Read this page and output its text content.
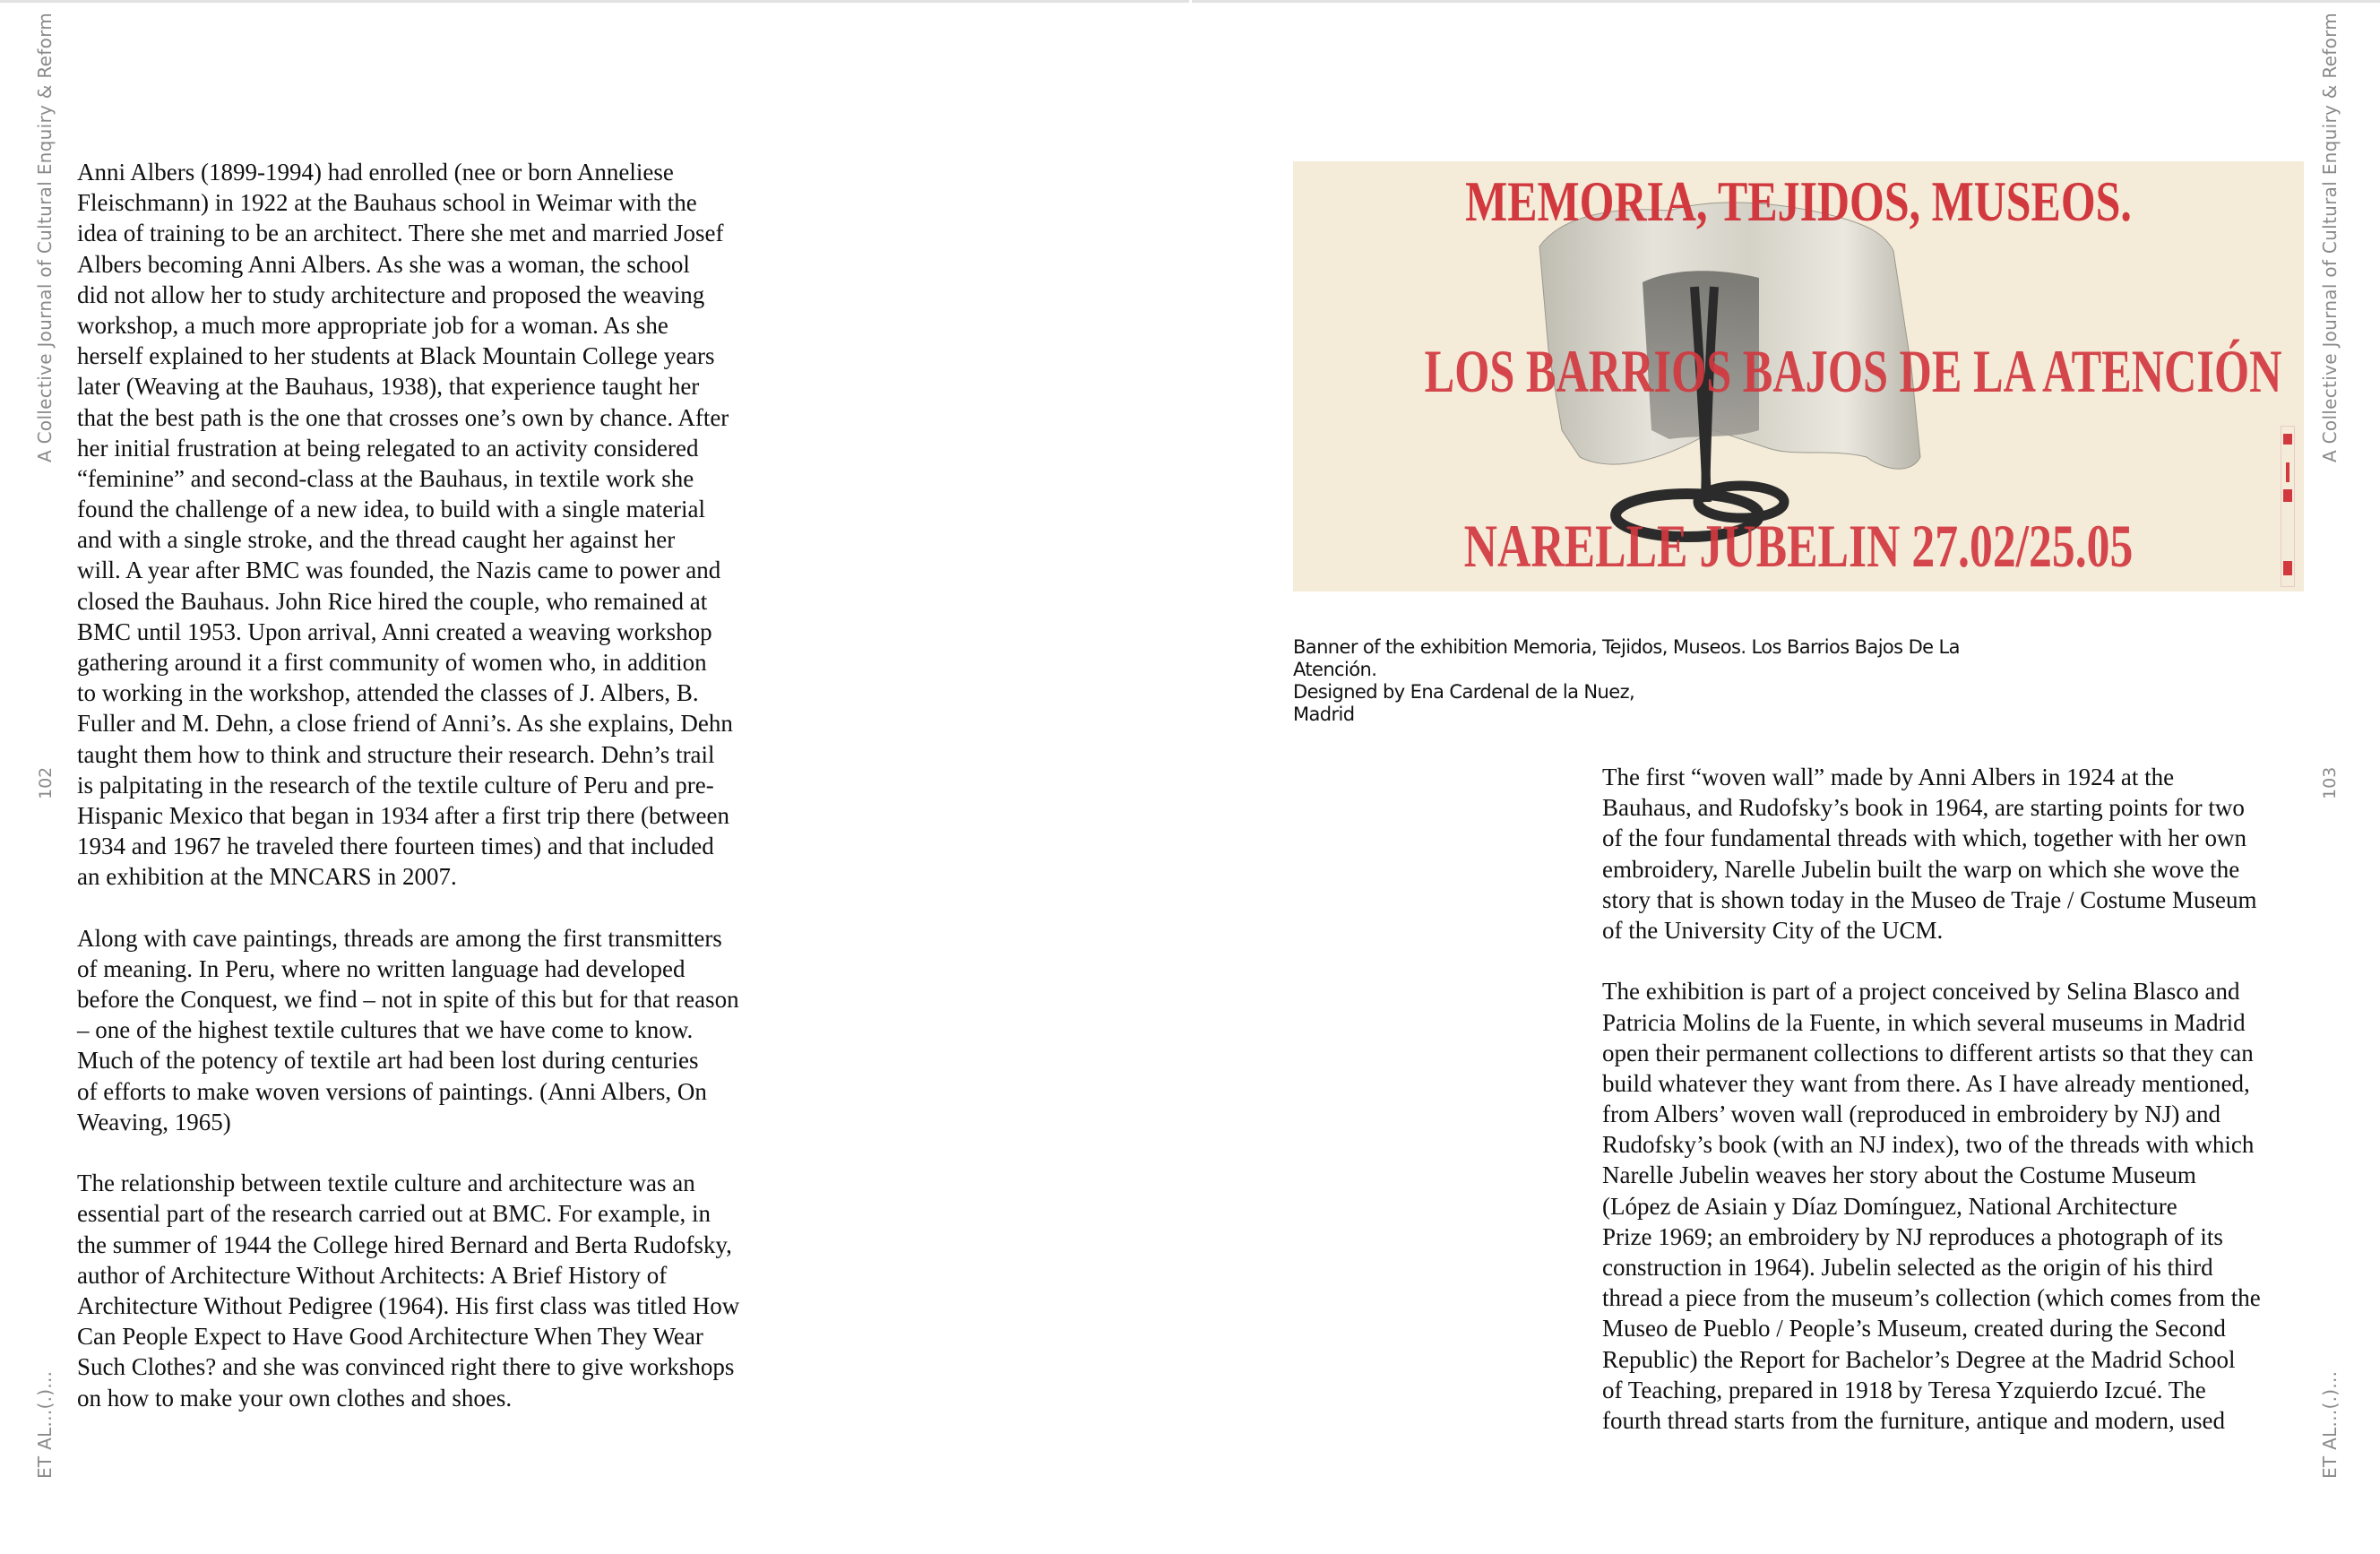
A Collective Journal of Cultural Enquiry & Reform
102
ET AL...(.)...
A Collective Journal of Cultural Enquiry & Reform
103
ET AL...(.)...
Anni Albers (1899-1994) had enrolled (nee or born Anneliese
Fleischmann) in 1922 at the Bauhaus school in Weimar with the
idea of training to be an architect. There she met and married Josef
Albers becoming Anni Albers. As she was a woman, the school
did not allow her to study architecture and proposed the weaving
workshop, a much more appropriate job for a woman. As she
herself explained to her students at Black Mountain College years
later (Weaving at the Bauhaus, 1938), that experience taught her
that the best path is the one that crosses one’s own by chance. After
her initial frustration at being relegated to an activity considered
“feminine” and second-class at the Bauhaus, in textile work she
found the challenge of a new idea, to build with a single material
and with a single stroke, and the thread caught her against her
will. A year after BMC was founded, the Nazis came to power and
closed the Bauhaus. John Rice hired the couple, who remained at
BMC until 1953. Upon arrival, Anni created a weaving workshop
gathering around it a first community of women who, in addition
to working in the workshop, attended the classes of J. Albers, B.
Fuller and M. Dehn, a close friend of Anni’s. As she explains, Dehn
taught them how to think and structure their research. Dehn’s trail
is palpitating in the research of the textile culture of Peru and pre-
Hispanic Mexico that began in 1934 after a first trip there (between
1934 and 1967 he traveled there fourteen times) and that included
an exhibition at the MNCARS in 2007.
Along with cave paintings, threads are among the first transmitters
of meaning. In Peru, where no written language had developed
before the Conquest, we find – not in spite of this but for that reason
– one of the highest textile cultures that we have come to know.
Much of the potency of textile art had been lost during centuries
of efforts to make woven versions of paintings. (Anni Albers, On
Weaving, 1965)
The relationship between textile culture and architecture was an
essential part of the research carried out at BMC. For example, in
the summer of 1944 the College hired Bernard and Berta Rudofsky,
author of Architecture Without Architects: A Brief History of
Architecture Without Pedigree (1964). His first class was titled How
Can People Expect to Have Good Architecture When They Wear
Such Clothes? and she was convinced right there to give workshops
on how to make your own clothes and shoes.
MEMORIA, TEJIDOS, MUSEOS.
LOS BARRIOS BAJOS DE LA ATENCIÓN
NARELLE JUBELIN 27.02/25.05
Banner of the exhibition Memoria, Tejidos, Museos. Los Barrios Bajos De La
Atención.
Designed by Ena Cardenal de la Nuez,
Madrid
The first “woven wall” made by Anni Albers in 1924 at the
Bauhaus, and Rudofsky’s book in 1964, are starting points for two
of the four fundamental threads with which, together with her own
embroidery, Narelle Jubelin built the warp on which she wove the
story that is shown today in the Museo de Traje / Costume Museum
of the University City of the UCM.
The exhibition is part of a project conceived by Selina Blasco and
Patricia Molins de la Fuente, in which several museums in Madrid
open their permanent collections to different artists so that they can
build whatever they want from there. As I have already mentioned,
from Albers’ woven wall (reproduced in embroidery by NJ) and
Rudofsky’s book (with an NJ index), two of the threads with which
Narelle Jubelin weaves her story about the Costume Museum
(López de Asiain y Díaz Domínguez, National Architecture
Prize 1969; an embroidery by NJ reproduces a photograph of its
construction in 1964). Jubelin selected as the origin of his third
thread a piece from the museum’s collection (which comes from the
Museo de Pueblo / People’s Museum, created during the Second
Republic) the Report for Bachelor’s Degree at the Madrid School
of Teaching, prepared in 1918 by Teresa Yzquierdo Izcué. The
fourth thread starts from the furniture, antique and modern, used
